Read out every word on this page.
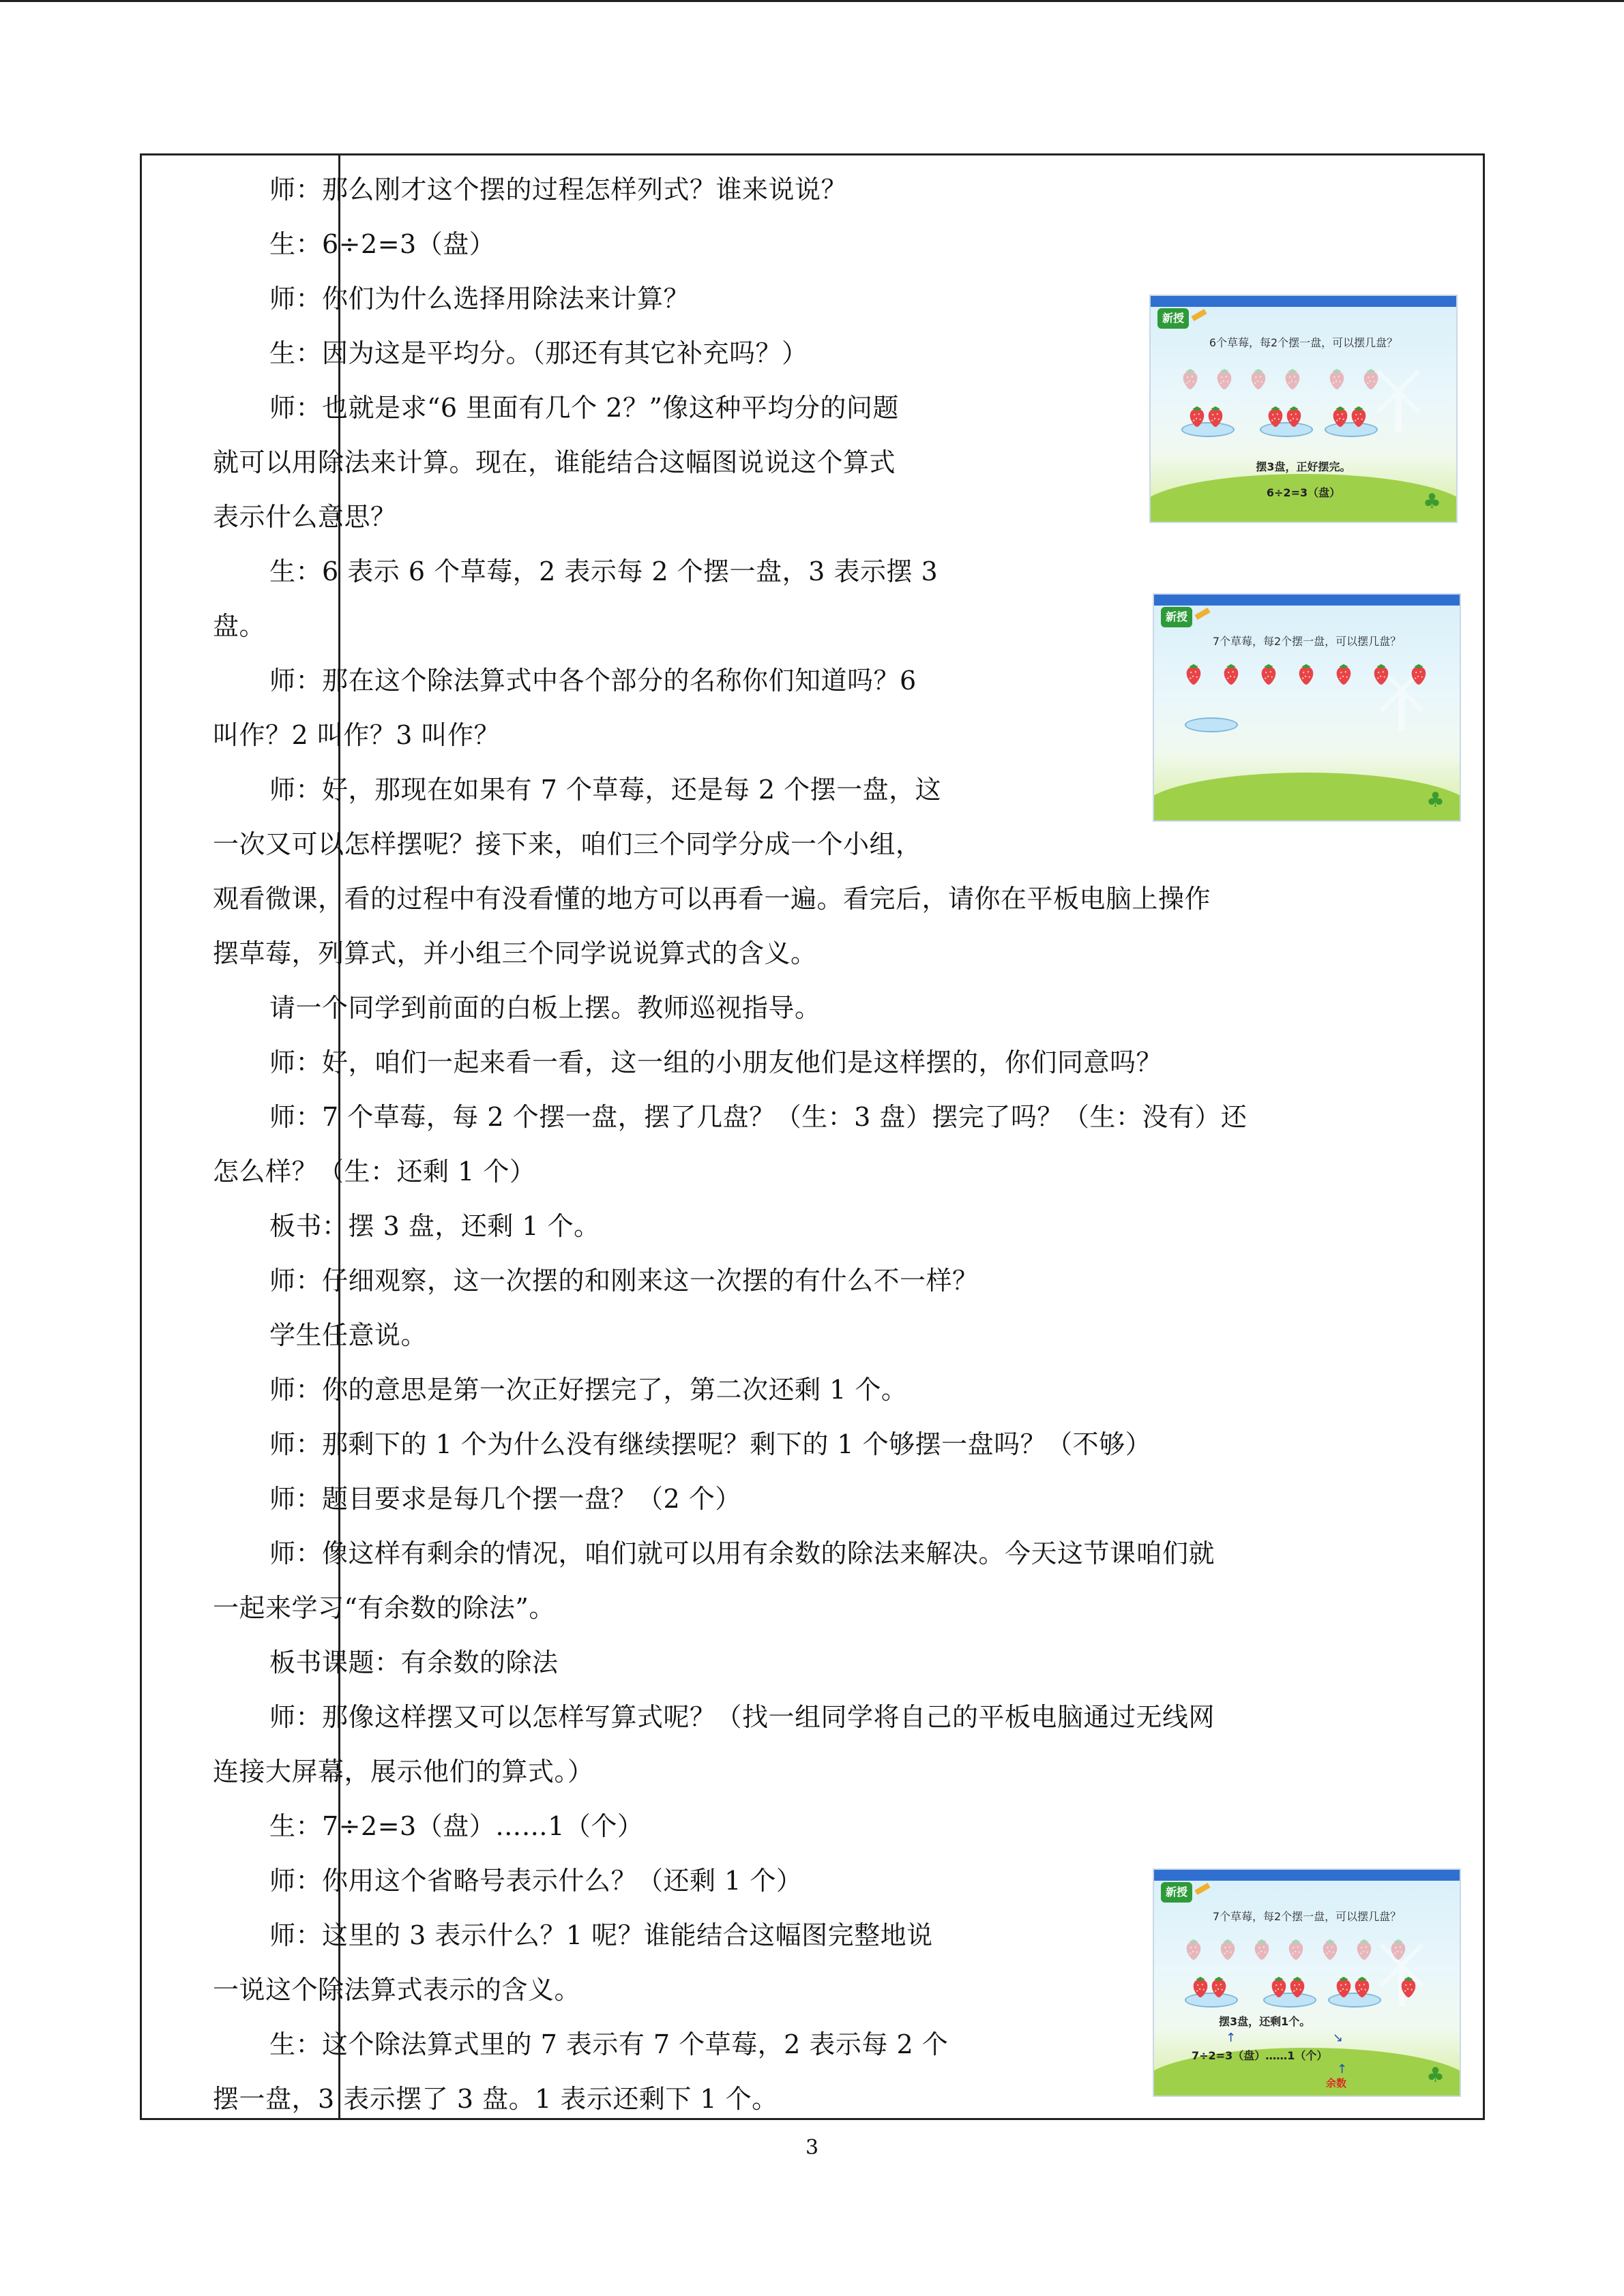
师：那么刚才这个摆的过程怎样列式？谁来说说？

生：6÷2=3（盘）

师：你们为什么选择用除法来计算？

生：因为这是平均分。（那还有其它补充吗？）

师：也就是求“6 里面有几个 2？”像这种平均分的问题

就可以用除法来计算。现在，谁能结合这幅图说说这个算式

表示什么意思？

生：6 表示 6 个草莓，2 表示每 2 个摆一盘，3 表示摆 3

盘。

师：那在这个除法算式中各个部分的名称你们知道吗？6

叫作？2 叫作？3 叫作？

师：好，那现在如果有 7 个草莓，还是每 2 个摆一盘，这

一次又可以怎样摆呢？接下来，咱们三个同学分成一个小组，

观看微课，看的过程中有没看懂的地方可以再看一遍。看完后，请你在平板电脑上操作

摆草莓，列算式，并小组三个同学说说算式的含义。

请一个同学到前面的白板上摆。教师巡视指导。

师：好，咱们一起来看一看，这一组的小朋友他们是这样摆的，你们同意吗？

师：7 个草莓，每 2 个摆一盘，摆了几盘？（生：3 盘）摆完了吗？（生：没有）还

怎么样？（生：还剩 1 个）

板书：摆 3 盘，还剩 1 个。

师：仔细观察，这一次摆的和刚来这一次摆的有什么不一样？

学生任意说。

师：你的意思是第一次正好摆完了，第二次还剩 1 个。

师：那剩下的 1 个为什么没有继续摆呢？剩下的 1 个够摆一盘吗？（不够）

师：题目要求是每几个摆一盘？（2 个）

师：像这样有剩余的情况，咱们就可以用有余数的除法来解决。今天这节课咱们就

一起来学习“有余数的除法”。

板书课题：有余数的除法

师：那像这样摆又可以怎样写算式呢？（找一组同学将自己的平板电脑通过无线网

连接大屏幕，展示他们的算式。）

生：7÷2=3（盘）……1（个）

师：你用这个省略号表示什么？（还剩 1 个）

师：这里的 3 表示什么？1 呢？谁能结合这幅图完整地说

一说这个除法算式表示的含义。

生：这个除法算式里的 7 表示有 7 个草莓，2 表示每 2 个

摆一盘，3 表示摆了 3 盘。1 表示还剩下 1 个。

新授
6个草莓，每2个摆一盘，可以摆几盘？
摆3盘，正好摆完。
6÷2=3（盘）	♣
新授
7个草莓，每2个摆一盘，可以摆几盘？
♣
新授
7个草莓，每2个摆一盘，可以摆几盘？
摆3盘，还剩1个。
↑	↘
7÷2=3（盘）……1（个）
↑
余数	♣
3
